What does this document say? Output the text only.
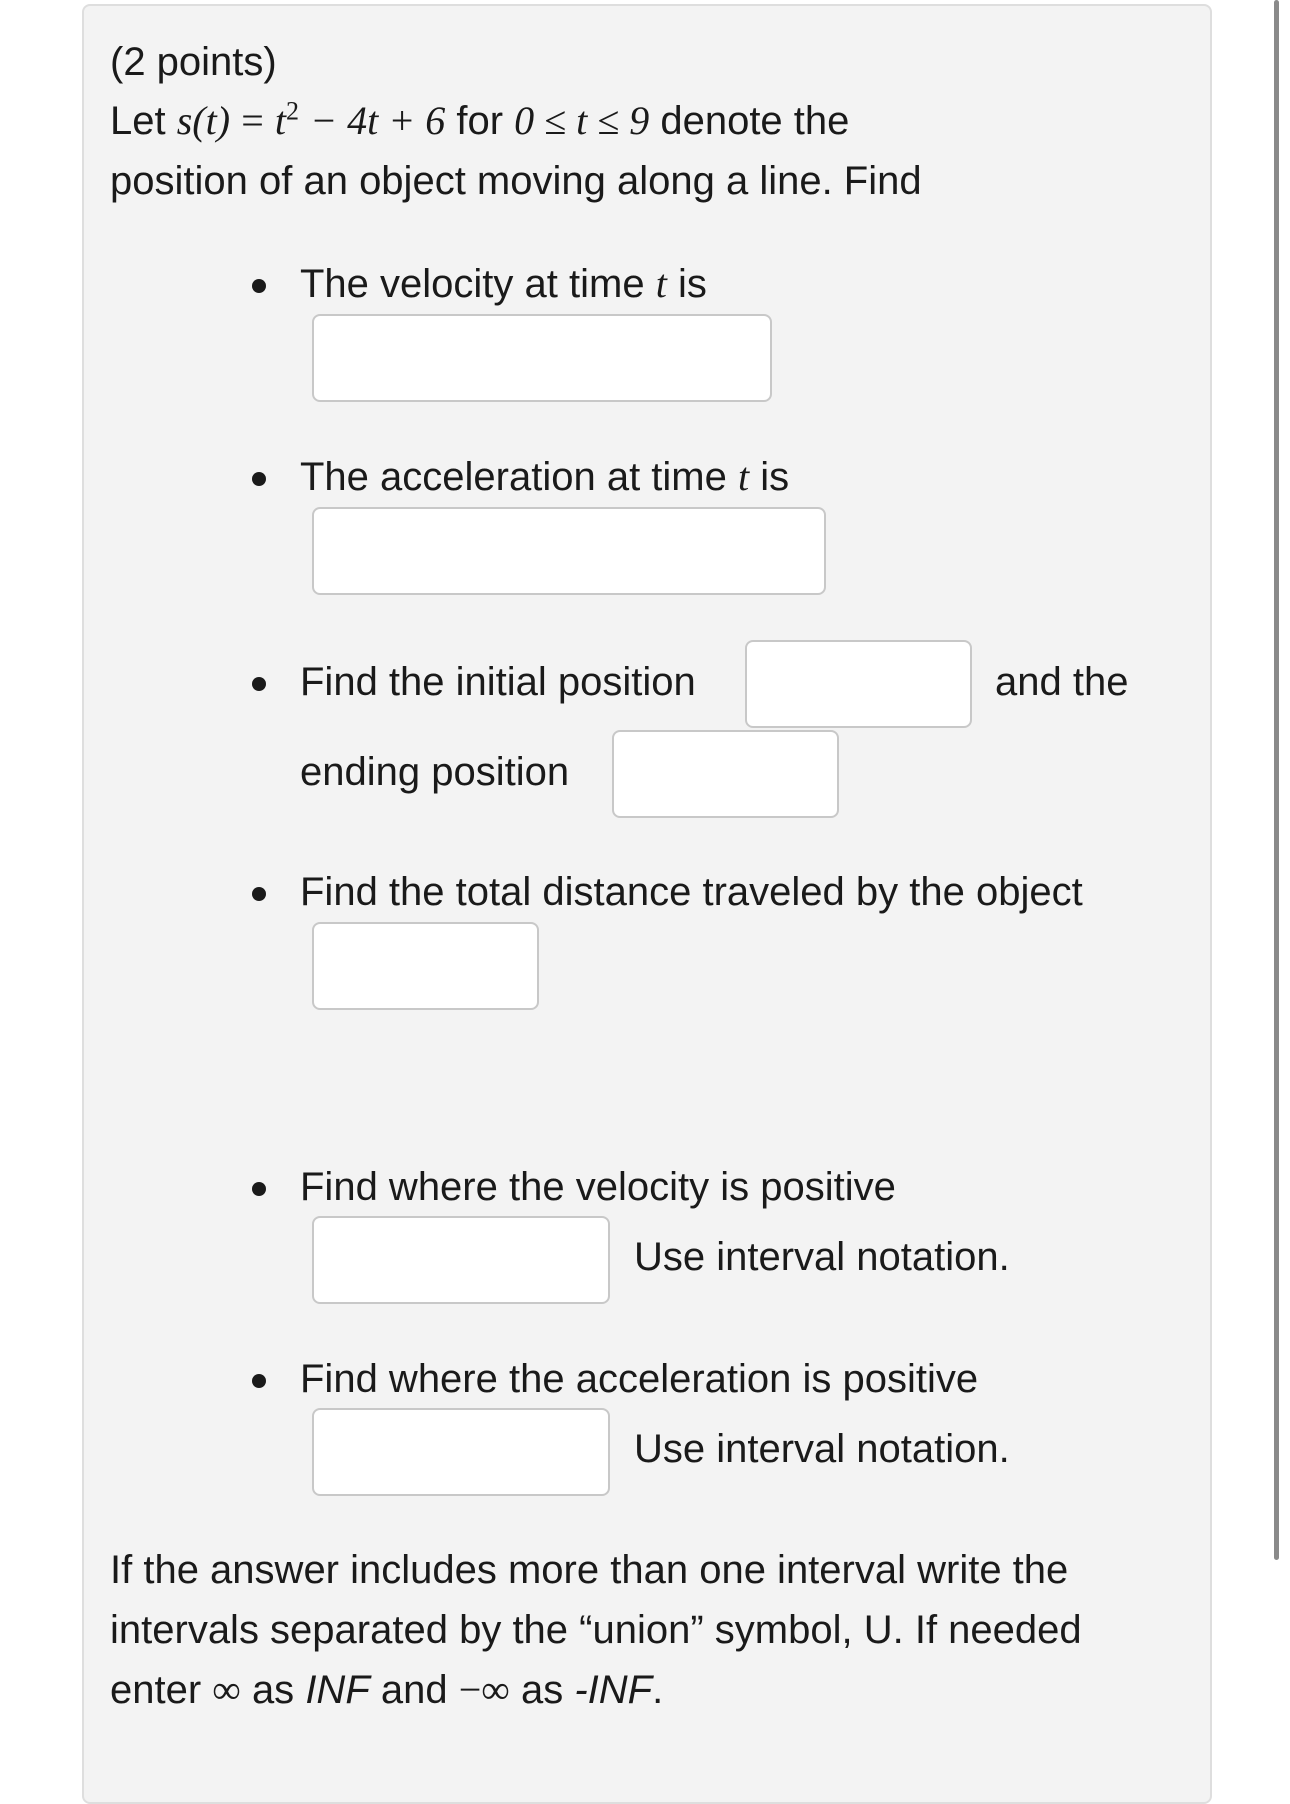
(2 points)
Let $s(t) = t^2 - 4t + 6$ for 0 ≤ t ≤ 9 denote the
position of an object moving along a line. Find
The velocity at time t is
The acceleration at time t is
Find the initial position	and the
ending position
Find the total distance traveled by the object
Find where the velocity is positive
Use interval notation.
Find where the acceleration is positive
Use interval notation.
If the answer includes more than one interval write the
intervals separated by the “union” symbol, U. If needed
enter ∞ as INF and −∞ as -INF.
